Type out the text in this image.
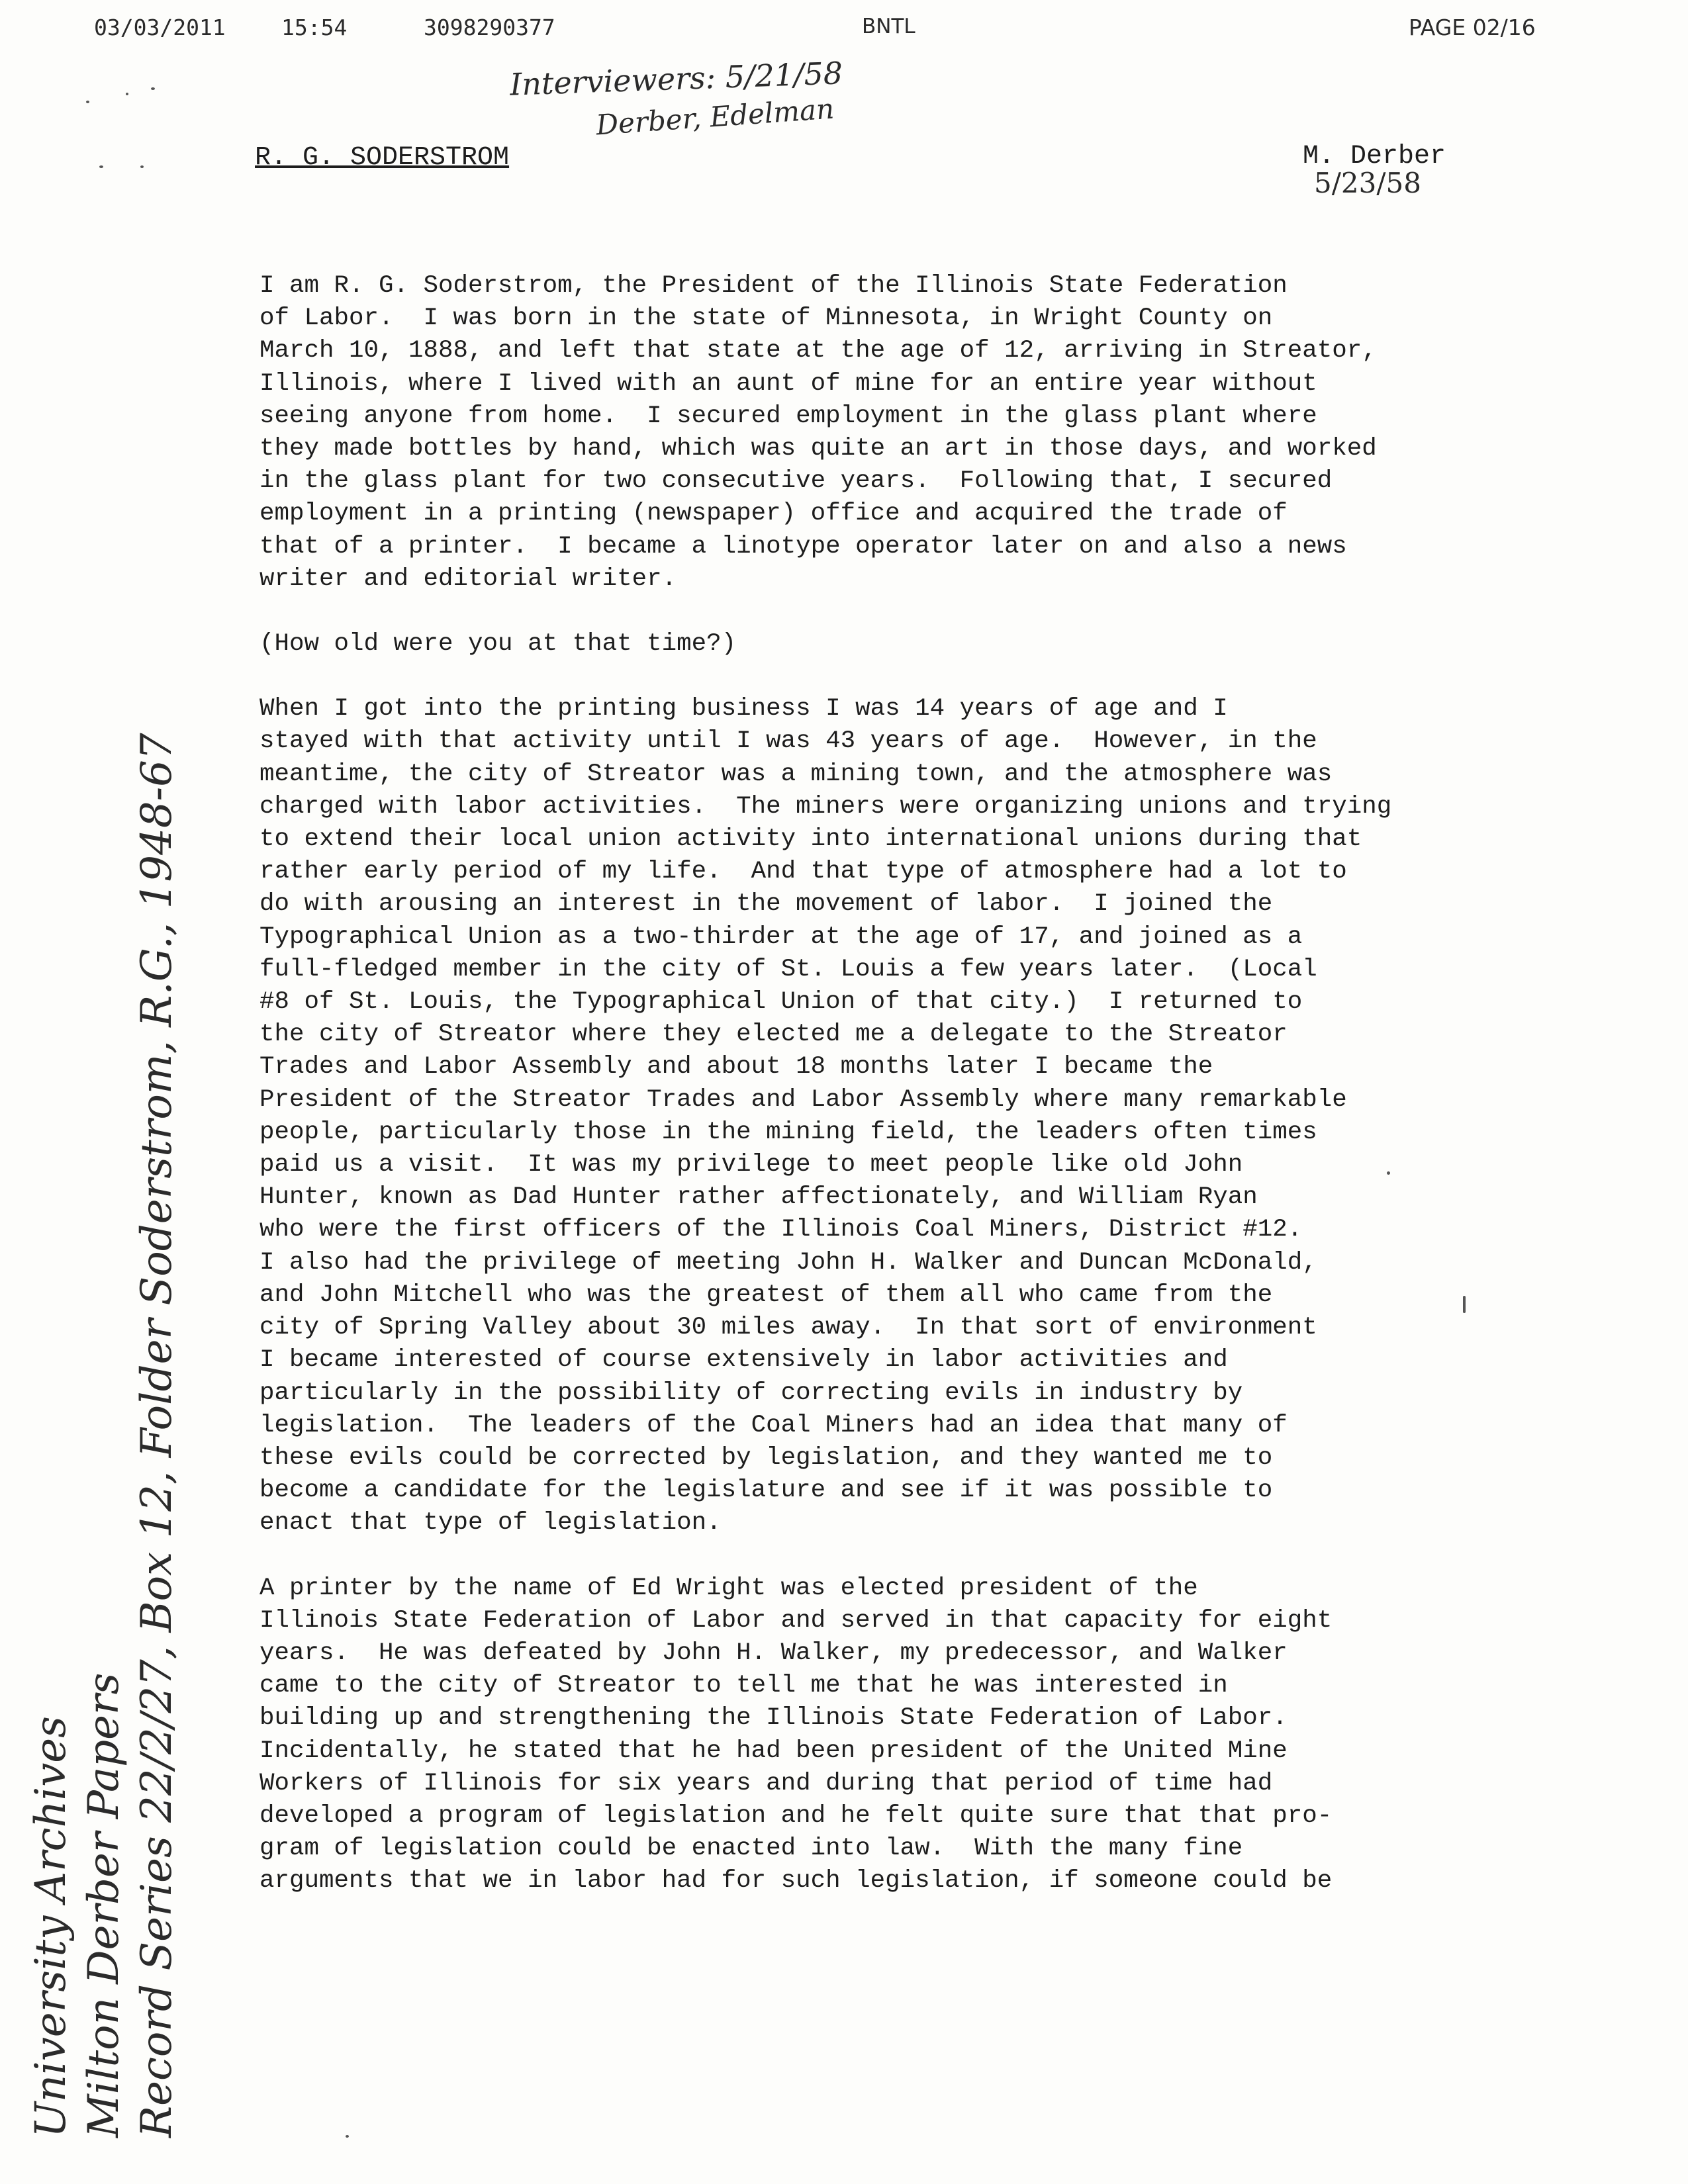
03/03/2011	15:54	3098290377	BNTL	PAGE 02/16
Interviewers: 5/21/58
Derber, Edelman
R. G. SODERSTROM	M. Derber
5/23/58

I am R. G. Soderstrom, the President of the Illinois State Federation
of Labor.  I was born in the state of Minnesota, in Wright County on
March 10, 1888, and left that state at the age of 12, arriving in Streator,
Illinois, where I lived with an aunt of mine for an entire year without
seeing anyone from home.  I secured employment in the glass plant where
they made bottles by hand, which was quite an art in those days, and worked
in the glass plant for two consecutive years.  Following that, I secured
employment in a printing (newspaper) office and acquired the trade of
that of a printer.  I became a linotype operator later on and also a news
writer and editorial writer.

(How old were you at that time?)

When I got into the printing business I was 14 years of age and I
stayed with that activity until I was 43 years of age.  However, in the
meantime, the city of Streator was a mining town, and the atmosphere was
charged with labor activities.  The miners were organizing unions and trying
to extend their local union activity into international unions during that
rather early period of my life.  And that type of atmosphere had a lot to
do with arousing an interest in the movement of labor.  I joined the
Typographical Union as a two-thirder at the age of 17, and joined as a
full-fledged member in the city of St. Louis a few years later.  (Local
#8 of St. Louis, the Typographical Union of that city.)  I returned to
the city of Streator where they elected me a delegate to the Streator
Trades and Labor Assembly and about 18 months later I became the
President of the Streator Trades and Labor Assembly where many remarkable
people, particularly those in the mining field, the leaders often times
paid us a visit.  It was my privilege to meet people like old John
Hunter, known as Dad Hunter rather affectionately, and William Ryan
who were the first officers of the Illinois Coal Miners, District #12.
I also had the privilege of meeting John H. Walker and Duncan McDonald,
and John Mitchell who was the greatest of them all who came from the
city of Spring Valley about 30 miles away.  In that sort of environment
I became interested of course extensively in labor activities and
particularly in the possibility of correcting evils in industry by
legislation.  The leaders of the Coal Miners had an idea that many of
these evils could be corrected by legislation, and they wanted me to
become a candidate for the legislature and see if it was possible to
enact that type of legislation.

A printer by the name of Ed Wright was elected president of the
Illinois State Federation of Labor and served in that capacity for eight
years.  He was defeated by John H. Walker, my predecessor, and Walker
came to the city of Streator to tell me that he was interested in
building up and strengthening the Illinois State Federation of Labor.
Incidentally, he stated that he had been president of the United Mine
Workers of Illinois for six years and during that period of time had
developed a program of legislation and he felt quite sure that that pro-
gram of legislation could be enacted into law.  With the many fine
arguments that we in labor had for such legislation, if someone could be

University Archives Milton Derber Papers Record Series 22/2/27, Box 12, Folder Soderstrom, R.G., 1948-67
